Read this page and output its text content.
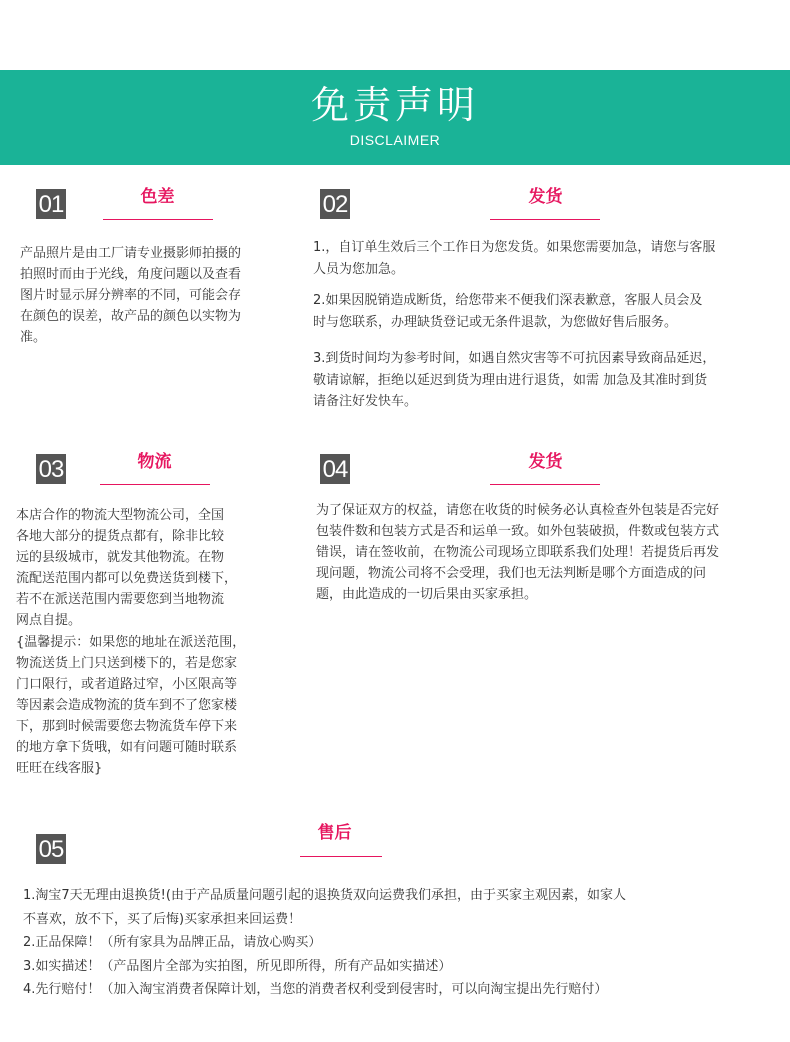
免责声明
DISCLAIMER
01	色差
产品照片是由工厂请专业摄影师拍摄的
拍照时而由于光线，角度问题以及查看
图片时显示屏分辨率的不同，可能会存
在颜色的误差，故产品的颜色以实物为
准。
02	发货
1.，自订单生效后三个工作日为您发货。如果您需要加急，请您与客服
人员为您加急。
2.如果因脱销造成断货，给您带来不便我们深表歉意，客服人员会及
时与您联系，办理缺货登记或无条件退款，为您做好售后服务。
3.到货时间均为参考时间，如遇自然灾害等不可抗因素导致商品延迟，
敬请谅解，拒绝以延迟到货为理由进行退货，如需 加急及其准时到货
请备注好发快车。
03	物流
本店合作的物流大型物流公司，全国
各地大部分的提货点都有，除非比较
远的县级城市，就发其他物流。在物
流配送范围内都可以免费送货到楼下，
若不在派送范围内需要您到当地物流
网点自提。
{温馨提示：如果您的地址在派送范围，
物流送货上门只送到楼下的，若是您家
门口限行，或者道路过窄，小区限高等
等因素会造成物流的货车到不了您家楼
下，那到时候需要您去物流货车停下来
的地方拿下货哦，如有问题可随时联系
旺旺在线客服}
04	发货
为了保证双方的权益，请您在收货的时候务必认真检查外包装是否完好
包装件数和包装方式是否和运单一致。如外包装破损，件数或包装方式
错误，请在签收前，在物流公司现场立即联系我们处理！若提货后再发
现问题，物流公司将不会受理，我们也无法判断是哪个方面造成的问
题，由此造成的一切后果由买家承担。
05
售后
1.淘宝7天无理由退换货!(由于产品质量问题引起的退换货双向运费我们承担，由于买家主观因素，如家人
不喜欢，放不下，买了后悔)买家承担来回运费！
2.正品保障！（所有家具为品牌正品，请放心购买）
3.如实描述！（产品图片全部为实拍图，所见即所得，所有产品如实描述）
4.先行赔付！（加入淘宝消费者保障计划，当您的消费者权利受到侵害时，可以向淘宝提出先行赔付）
